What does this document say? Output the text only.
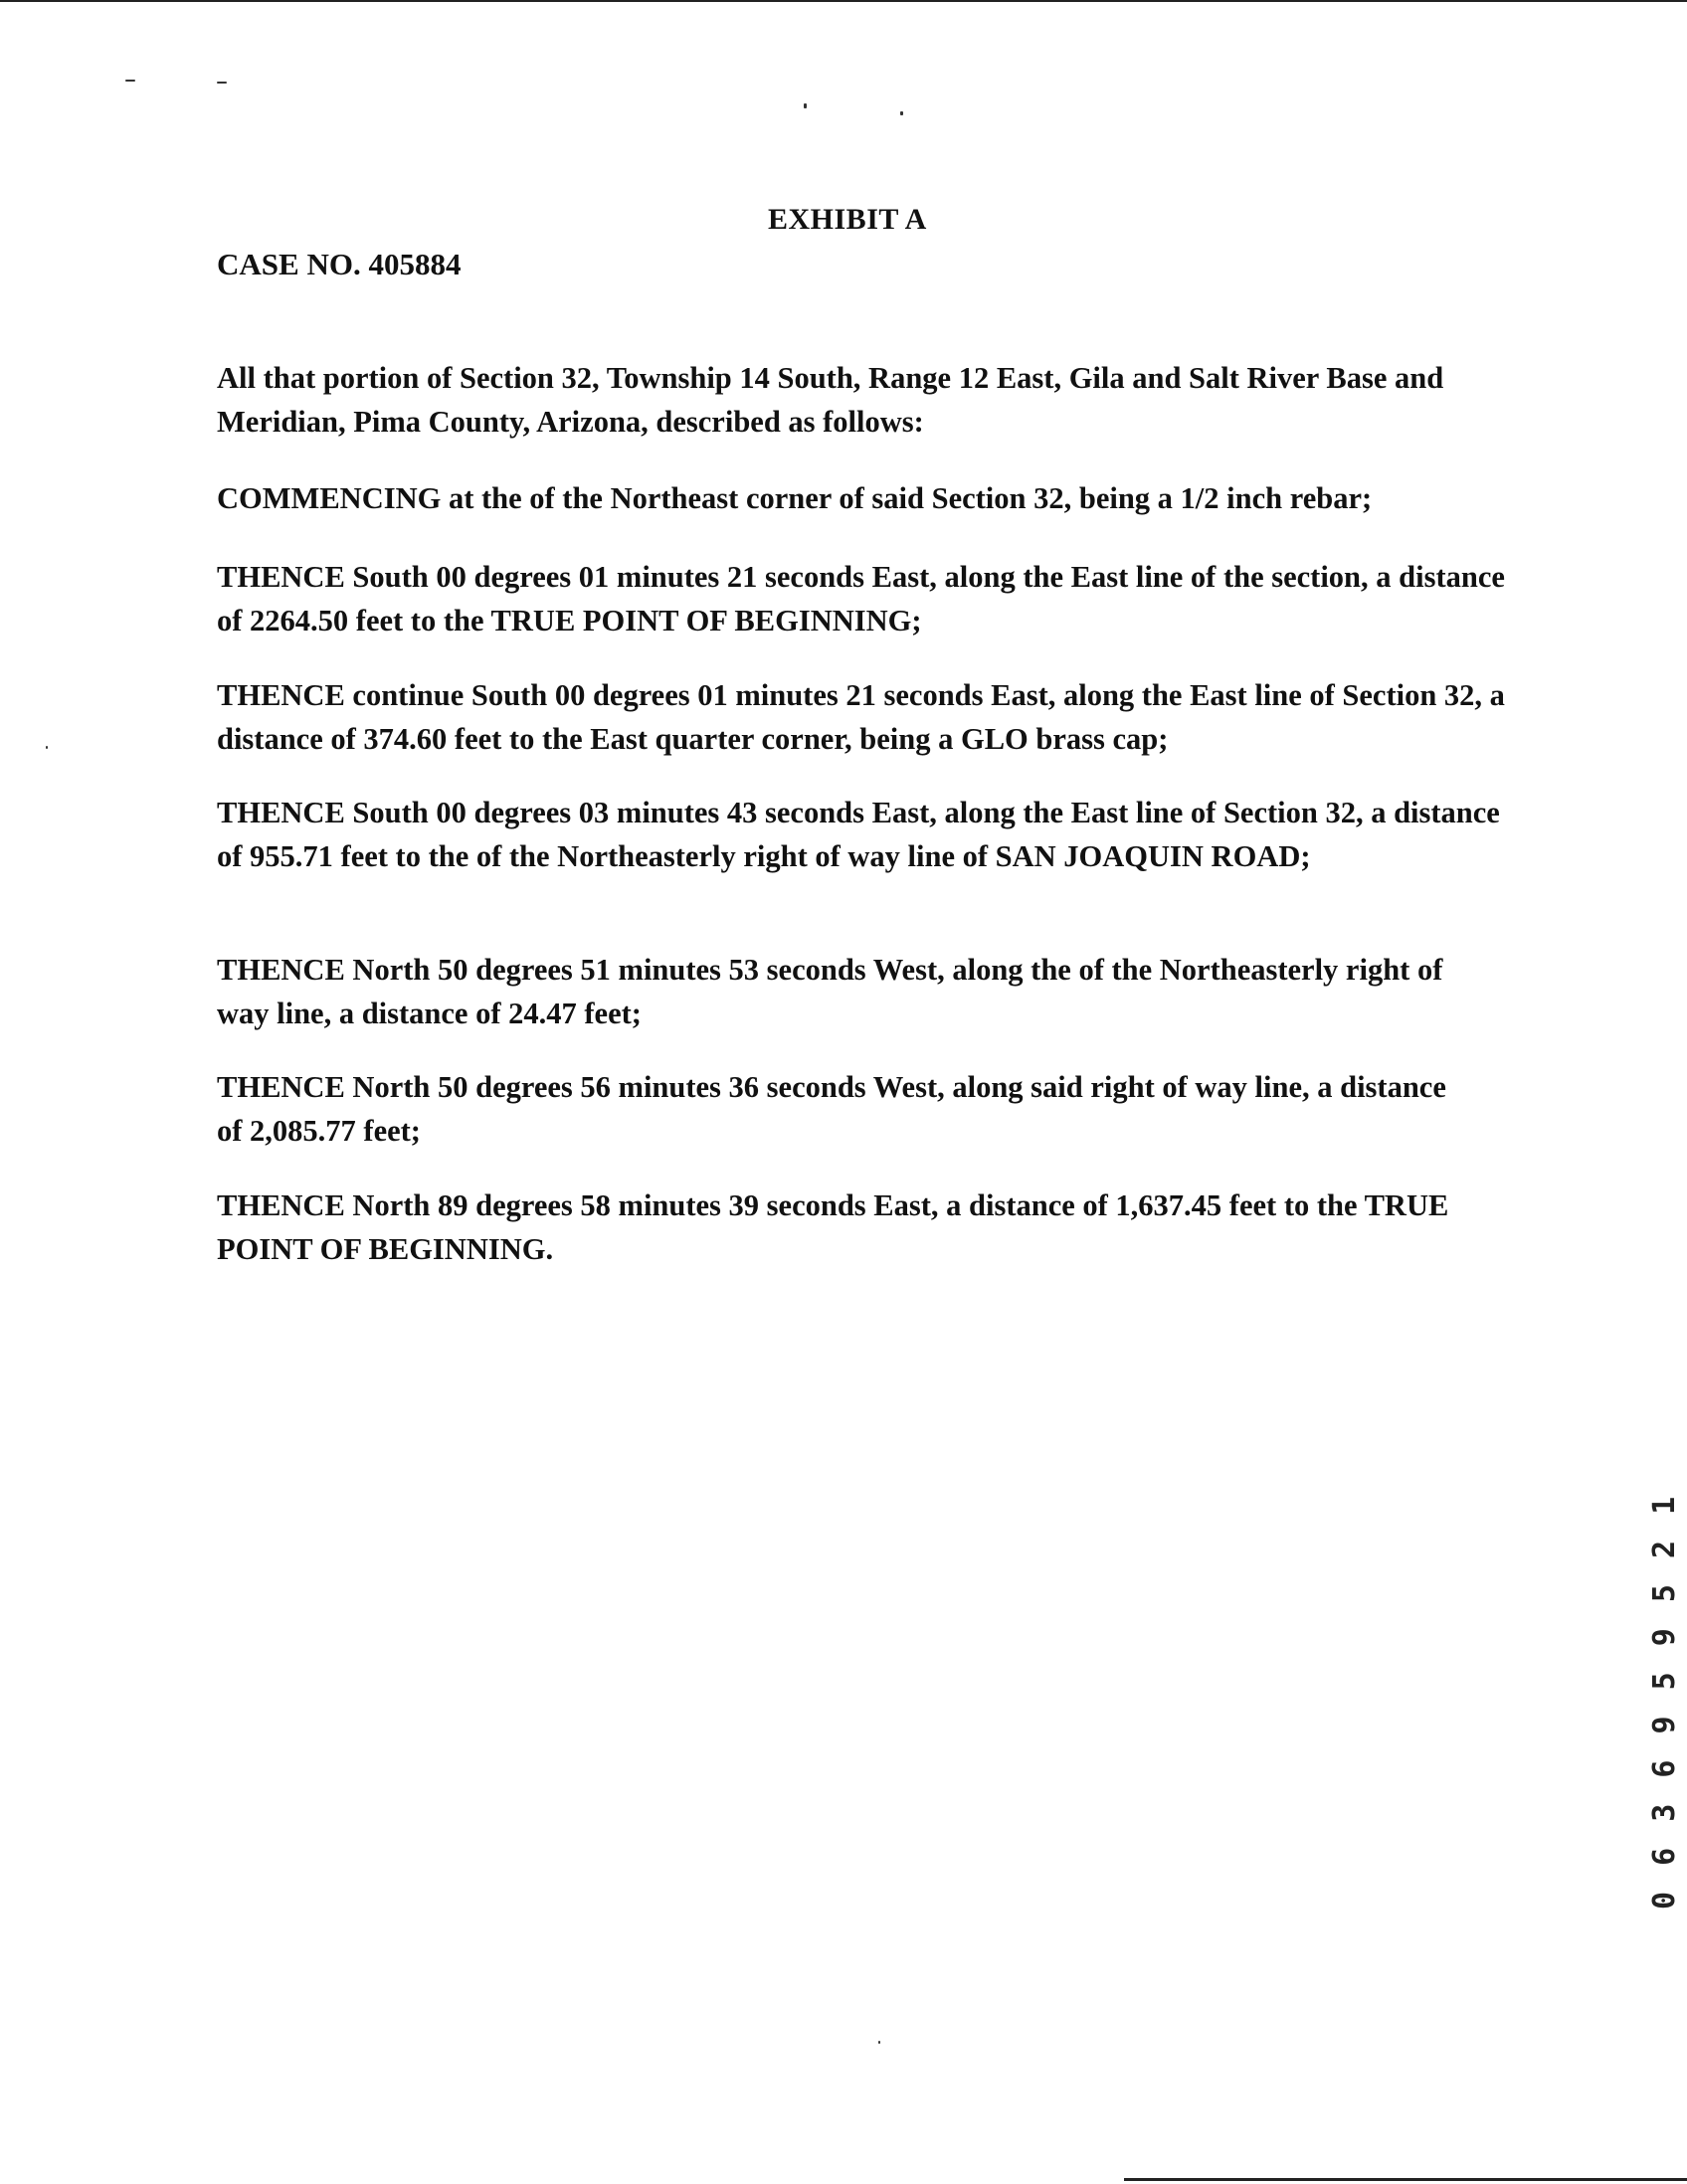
EXHIBIT A
CASE NO. 405884

All that portion of Section 32, Township 14 South, Range 12 East, Gila and Salt River Base and Meridian, Pima County, Arizona, described as follows:

COMMENCING at the of the Northeast corner of said Section 32, being a 1/2 inch rebar;

THENCE South 00 degrees 01 minutes 21 seconds East, along the East line of the section, a distance of 2264.50 feet to the TRUE POINT OF BEGINNING;

THENCE continue South 00 degrees 01 minutes 21 seconds East, along the East line of Section 32, a distance of 374.60 feet to the East quarter corner, being a GLO brass cap;

THENCE South 00 degrees 03 minutes 43 seconds East, along the East line of Section 32, a distance of 955.71 feet to the of the Northeasterly right of way line of SAN JOAQUIN ROAD;

THENCE North 50 degrees 51 minutes 53 seconds West, along the of the Northeasterly right of way line, a distance of 24.47 feet;

THENCE North 50 degrees 56 minutes 36 seconds West, along said right of way line, a distance of 2,085.77 feet;

THENCE North 89 degrees 58 minutes 39 seconds East, a distance of 1,637.45 feet to the TRUE POINT OF BEGINNING.

0 6 3 6 9 5 9 5 2 1
